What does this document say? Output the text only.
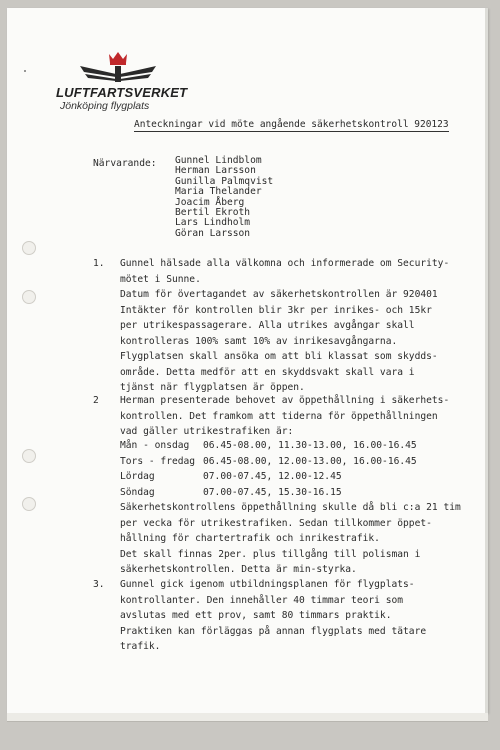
LUFTFARTSVERKET
Jönköping flygplats
Anteckningar vid möte angående säkerhetskontroll 920123
Närvarande: Gunnel Lindblom
Herman Larsson
Gunilla Palmqvist
Maria Thelander
Joacim Åberg
Bertil Ekroth
Lars Lindholm
Göran Larsson
1. Gunnel hälsade alla välkomna och informerade om Security-
mötet i Sunne.
Datum för övertagandet av säkerhetskontrollen är 920401
Intäkter för kontrollen blir 3kr per inrikes- och 15kr
per utrikespassagerare. Alla utrikes avgångar skall
kontrolleras 100% samt 10% av inrikesavgångarna.
Flygplatsen skall ansöka om att bli klassat som skydds-
område. Detta medför att en skyddsvakt skall vara i
tjänst när flygplatsen är öppen.
2 Herman presenterade behovet av öppethållning i säkerhets-
kontrollen. Det framkom att tiderna för öppethållningen
vad gäller utrikestrafiken är:
Mån - onsdag 06.45-08.00, 11.30-13.00, 16.00-16.45
Tors - fredag 06.45-08.00, 12.00-13.00, 16.00-16.45
Lördag	07.00-07.45, 12.00-12.45
Söndag	07.00-07.45, 15.30-16.15
Säkerhetskontrollens öppethållning skulle då bli c:a 21 tim
per vecka för utrikestrafiken. Sedan tillkommer öppet-
hållning för chartertrafik och inrikestrafik.
Det skall finnas 2per. plus tillgång till polisman i
säkerhetskontrollen. Detta är min-styrka.
3. Gunnel gick igenom utbildningsplanen för flygplats-
kontrollanter. Den innehåller 40 timmar teori som
avslutas med ett prov, samt 80 timmars praktik.
Praktiken kan förläggas på annan flygplats med tätare
trafik.
